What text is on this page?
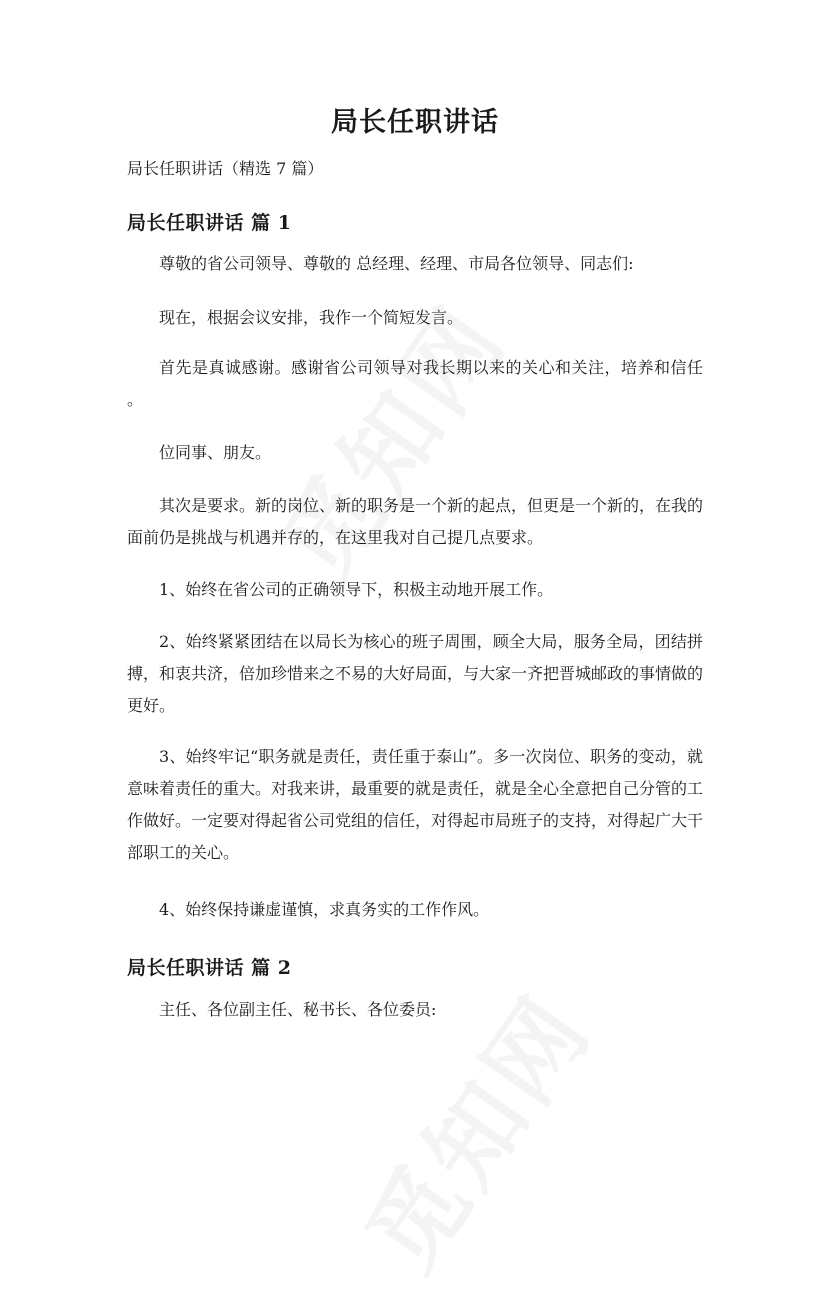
局长任职讲话
局长任职讲话（精选 7 篇）
局长任职讲话 篇 1
尊敬的省公司领导、尊敬的 总经理、经理、市局各位领导、同志们:
现在，根据会议安排，我作一个简短发言。
首先是真诚感谢。感谢省公司领导对我长期以来的关心和关注，培养和信任 。
位同事、朋友。
其次是要求。新的岗位、新的职务是一个新的起点，但更是一个新的，在我的面前仍是挑战与机遇并存的，在这里我对自己提几点要求。
1、始终在省公司的正确领导下，积极主动地开展工作。
2、始终紧紧团结在以局长为核心的班子周围，顾全大局，服务全局，团结拼搏，和衷共济，倍加珍惜来之不易的大好局面，与大家一齐把晋城邮政的事情做的更好。
3、始终牢记“职务就是责任，责任重于泰山”。多一次岗位、职务的变动，就意味着责任的重大。对我来讲，最重要的就是责任，就是全心全意把自己分管的工作做好。一定要对得起省公司党组的信任，对得起市局班子的支持，对得起广大干部职工的关心。
4、始终保持谦虚谨慎，求真务实的工作作风。
局长任职讲话 篇 2
主任、各位副主任、秘书长、各位委员:
